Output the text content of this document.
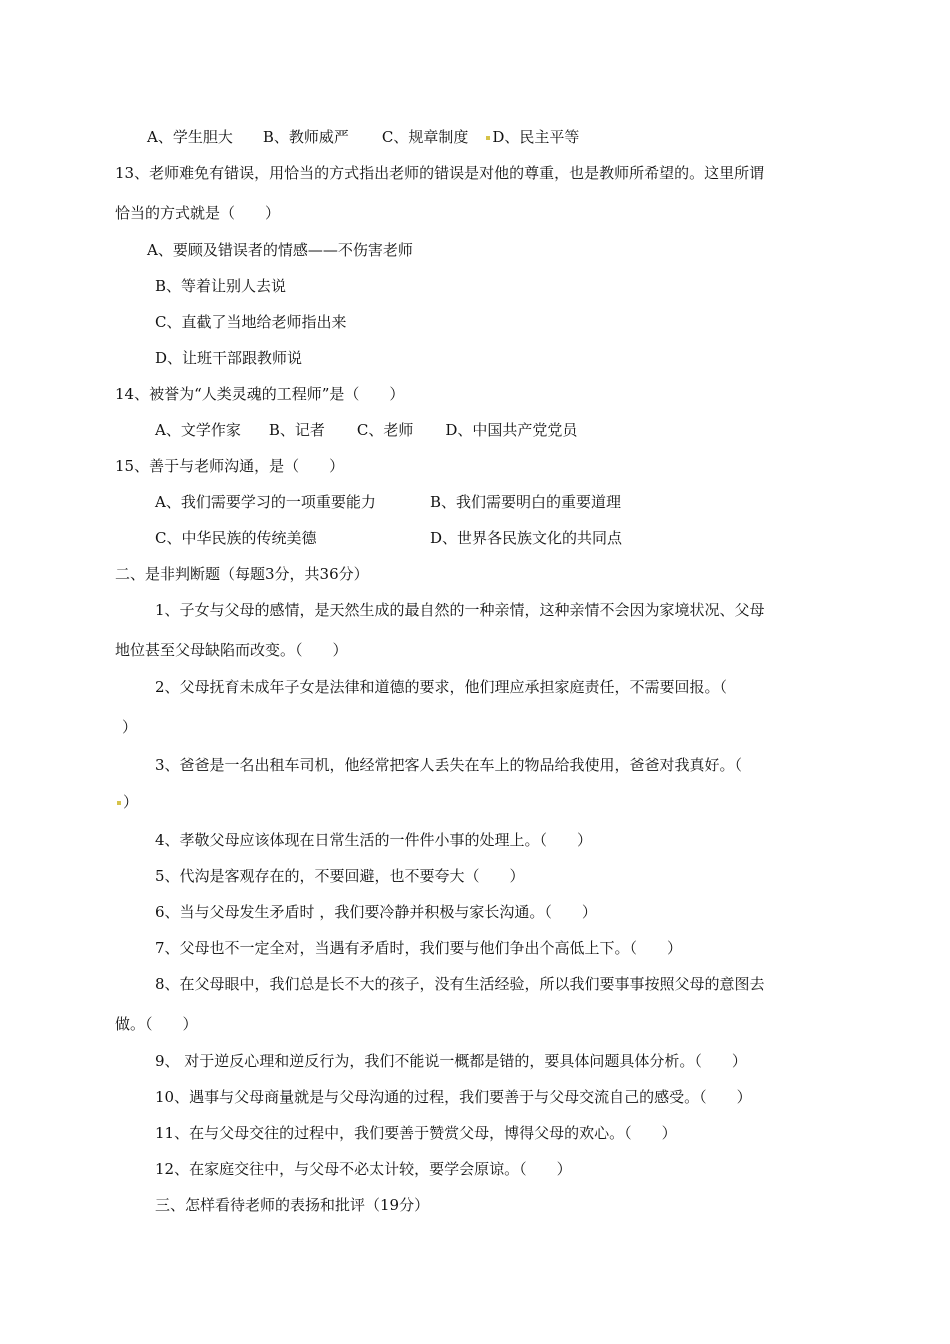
A、学生胆大 B、教师威严 C、规章制度 D、民主平等
13、老师难免有错误，用恰当的方式指出老师的错误是对他的尊重，也是教师所希望的。这里所谓
恰当的方式就是（　　）
A、要顾及错误者的情感——不伤害老师
B、等着让别人去说
C、直截了当地给老师指出来
D、让班干部跟教师说
14、被誉为“人类灵魂的工程师”是（　　）
A、文学作家 B、记者 C、老师 D、中国共产党党员
15、善于与老师沟通，是（　　）
A、我们需要学习的一项重要能力	B、我们需要明白的重要道理
C、中华民族的传统美德	D、世界各民族文化的共同点
二、是非判断题（每题3分，共36分）
1、子女与父母的感情，是天然生成的最自然的一种亲情，这种亲情不会因为家境状况、父母
地位甚至父母缺陷而改变。（　　）
2、父母抚育未成年子女是法律和道德的要求，他们理应承担家庭责任，不需要回报。（
）
3、爸爸是一名出租车司机，他经常把客人丢失在车上的物品给我使用，爸爸对我真好。（
）
4、孝敬父母应该体现在日常生活的一件件小事的处理上。（　　）
5、代沟是客观存在的，不要回避，也不要夸大（　　）
6、当与父母发生矛盾时 ，我们要冷静并积极与家长沟通。（　　）
7、父母也不一定全对，当遇有矛盾时，我们要与他们争出个高低上下。（　　）
8、在父母眼中，我们总是长不大的孩子，没有生活经验，所以我们要事事按照父母的意图去
做。（　　）
9、 对于逆反心理和逆反行为，我们不能说一概都是错的，要具体问题具体分析。（　　）
10、遇事与父母商量就是与父母沟通的过程，我们要善于与父母交流自己的感受。（　　）
11、在与父母交往的过程中，我们要善于赞赏父母，博得父母的欢心。（　　）
12、在家庭交往中，与父母不必太计较，要学会原谅。（　　）
三、怎样看待老师的表扬和批评（19分）
